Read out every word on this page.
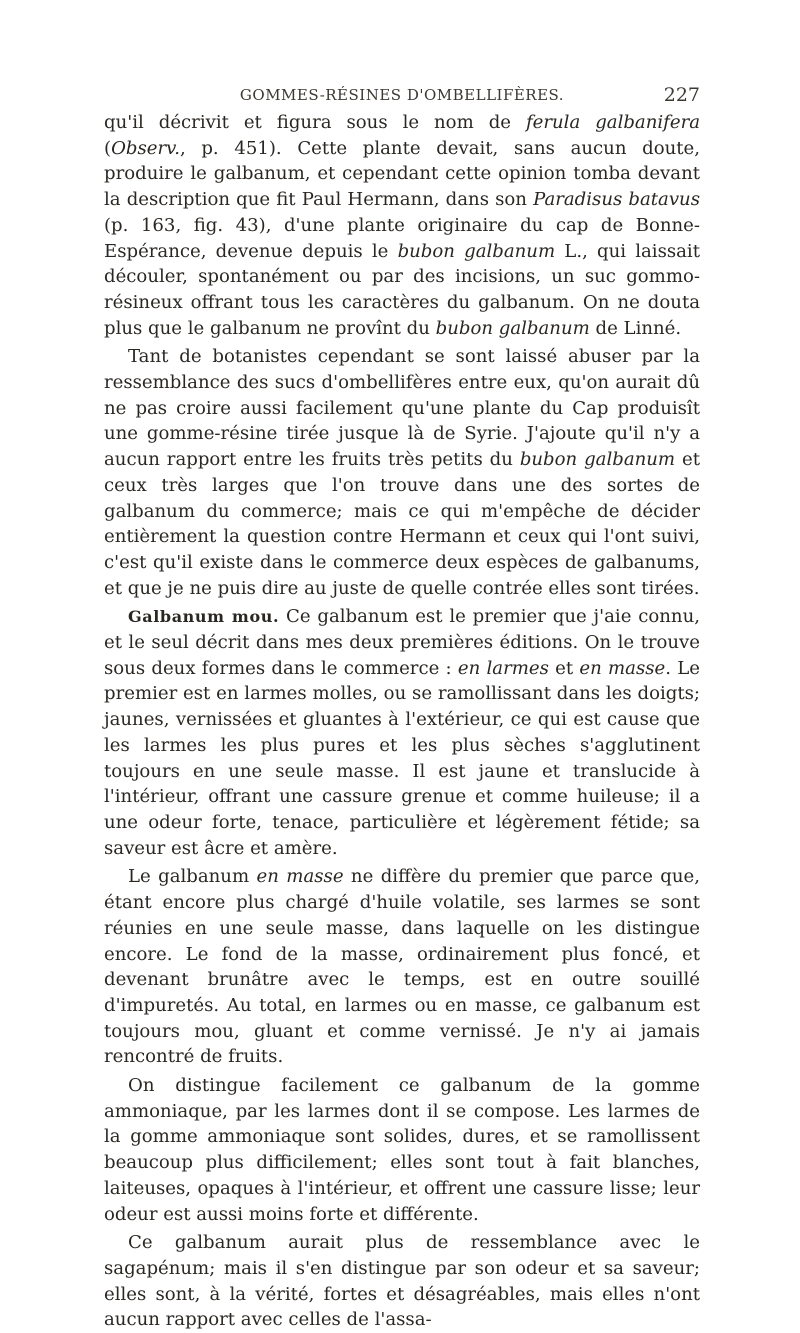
GOMMES-RÉSINES D'OMBELLIFÈRES.	227

qu'il décrivit et figura sous le nom de ferula galbanifera (Observ., p. 451). Cette plante devait, sans aucun doute, produire le galbanum, et cependant cette opinion tomba devant la description que fit Paul Hermann, dans son Paradisus batavus (p. 163, fig. 43), d'une plante originaire du cap de Bonne-Espérance, devenue depuis le bubon galbanum L., qui laissait découler, spontanément ou par des incisions, un suc gommo-résineux offrant tous les caractères du galbanum. On ne douta plus que le galbanum ne provînt du bubon galbanum de Linné.

Tant de botanistes cependant se sont laissé abuser par la ressemblance des sucs d'ombellifères entre eux, qu'on aurait dû ne pas croire aussi facilement qu'une plante du Cap produisît une gomme-résine tirée jusque là de Syrie. J'ajoute qu'il n'y a aucun rapport entre les fruits très petits du bubon galbanum et ceux très larges que l'on trouve dans une des sortes de galbanum du commerce; mais ce qui m'empêche de décider entièrement la question contre Hermann et ceux qui l'ont suivi, c'est qu'il existe dans le commerce deux espèces de galbanums, et que je ne puis dire au juste de quelle contrée elles sont tirées.

Galbanum mou. Ce galbanum est le premier que j'aie connu, et le seul décrit dans mes deux premières éditions. On le trouve sous deux formes dans le commerce : en larmes et en masse. Le premier est en larmes molles, ou se ramollissant dans les doigts; jaunes, vernissées et gluantes à l'extérieur, ce qui est cause que les larmes les plus pures et les plus sèches s'agglutinent toujours en une seule masse. Il est jaune et translucide à l'intérieur, offrant une cassure grenue et comme huileuse; il a une odeur forte, tenace, particulière et légèrement fétide; sa saveur est âcre et amère.

Le galbanum en masse ne diffère du premier que parce que, étant encore plus chargé d'huile volatile, ses larmes se sont réunies en une seule masse, dans laquelle on les distingue encore. Le fond de la masse, ordinairement plus foncé, et devenant brunâtre avec le temps, est en outre souillé d'impuretés. Au total, en larmes ou en masse, ce galbanum est toujours mou, gluant et comme vernissé. Je n'y ai jamais rencontré de fruits.

On distingue facilement ce galbanum de la gomme ammoniaque, par les larmes dont il se compose. Les larmes de la gomme ammoniaque sont solides, dures, et se ramollissent beaucoup plus difficilement; elles sont tout à fait blanches, laiteuses, opaques à l'intérieur, et offrent une cassure lisse; leur odeur est aussi moins forte et différente.

Ce galbanum aurait plus de ressemblance avec le sagapénum; mais il s'en distingue par son odeur et sa saveur; elles sont, à la vérité, fortes et désagréables, mais elles n'ont aucun rapport avec celles de l'assa-
